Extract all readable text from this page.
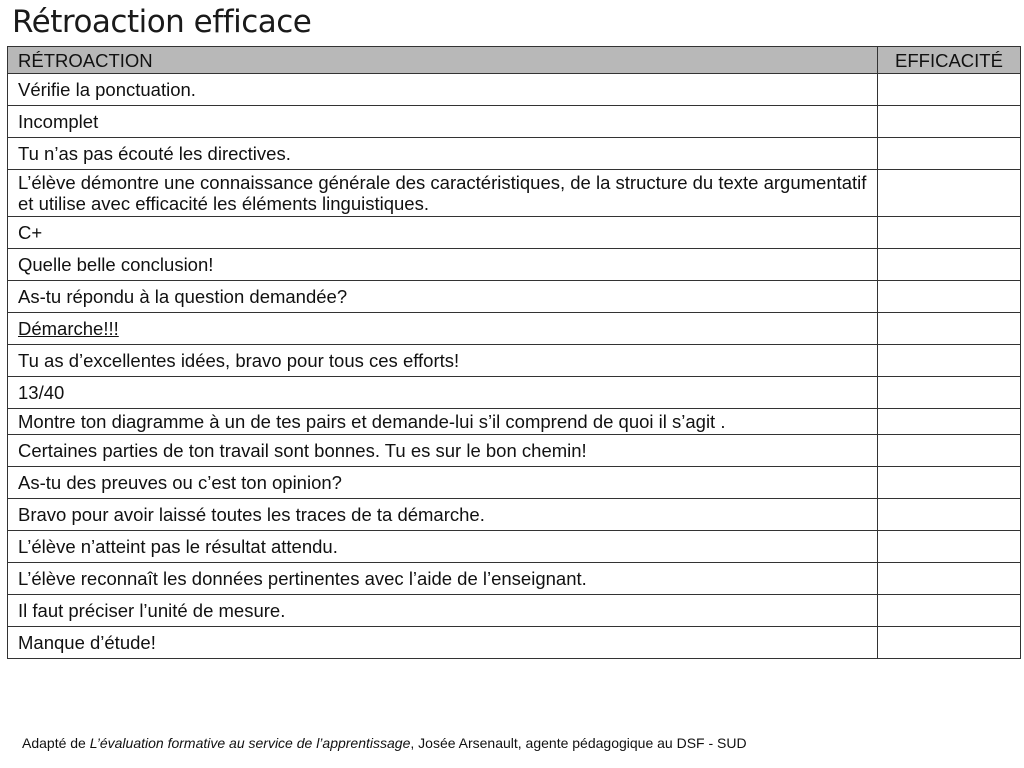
Rétroaction efficace
RÉTROACTION	EFFICACITÉ
Vérifie la ponctuation.	
Incomplet	
Tu n’as pas écouté les directives.	
L’élève démontre une connaissance générale des caractéristiques, de la structure du texte argumentatif et utilise avec efficacité les éléments linguistiques.	
C+	
Quelle belle conclusion!	
As-tu répondu à la question demandée?	
Démarche!!!	
Tu as d’excellentes idées, bravo pour tous ces efforts!	
13/40	
Montre ton diagramme à un de tes pairs et demande-lui s’il comprend de quoi il s’agit .	
Certaines parties de ton travail sont bonnes. Tu es sur le bon chemin!	
As-tu des preuves ou c’est ton opinion?	
Bravo pour avoir laissé toutes les traces de ta démarche.	
L’élève n’atteint pas le résultat attendu.	
L’élève reconnaît les données pertinentes avec l’aide de l’enseignant.	
Il faut préciser l’unité de mesure.	
Manque d’étude!	
Adapté de L’évaluation formative au service de l’apprentissage, Josée Arsenault, agente pédagogique au DSF - SUD
